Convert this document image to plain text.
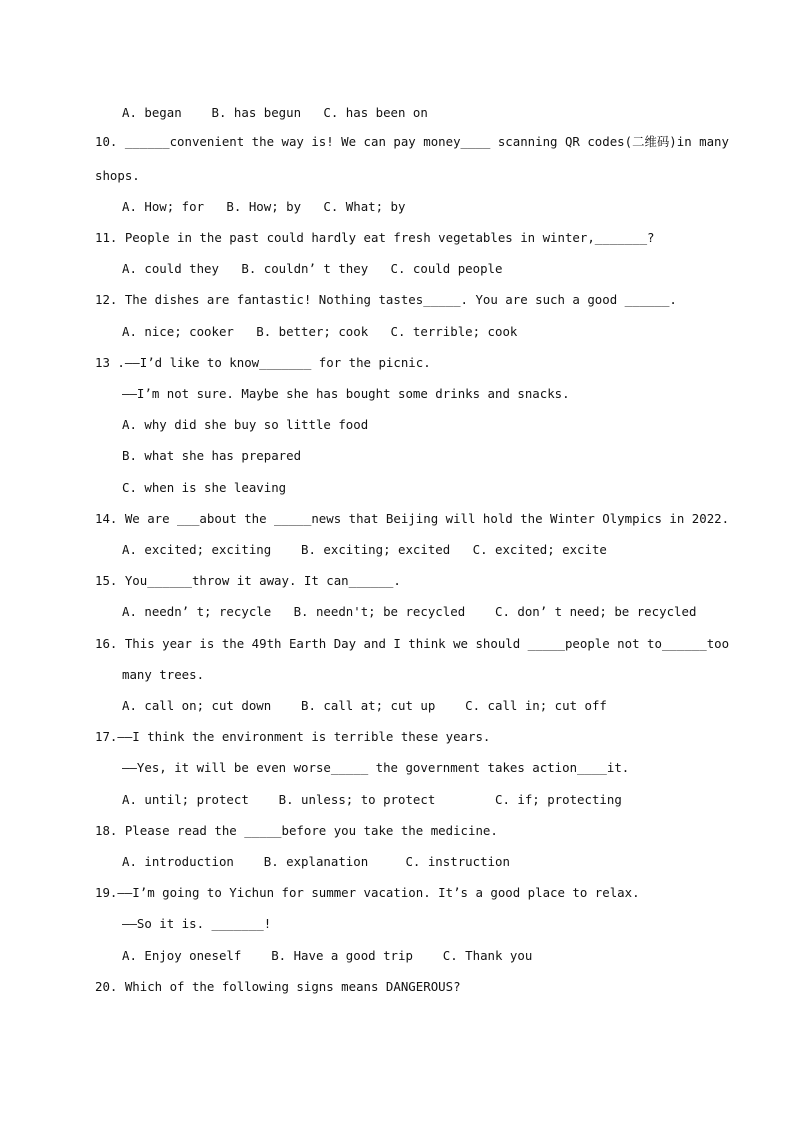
A. began    B. has begun   C. has been on
10. ______convenient the way is! We can pay money____ scanning QR codes(二维码)in many
shops.
A. How; for   B. How; by   C. What; by
11. People in the past could hardly eat fresh vegetables in winter,_______?
A. could they   B. couldn’ t they   C. could people
12. The dishes are fantastic! Nothing tastes_____. You are such a good ______.
A. nice; cooker   B. better; cook   C. terrible; cook
13 .——I’d like to know_______ for the picnic.
——I’m not sure. Maybe she has bought some drinks and snacks.
A. why did she buy so little food
B. what she has prepared
C. when is she leaving
14. We are ___about the _____news that Beijing will hold the Winter Olympics in 2022.
A. excited; exciting    B. exciting; excited   C. excited; excite
15. You______throw it away. It can______.
A. needn’ t; recycle   B. needn't; be recycled    C. don’ t need; be recycled
16. This year is the 49th Earth Day and I think we should _____people not to______too
many trees.
A. call on; cut down    B. call at; cut up    C. call in; cut off
17.——I think the environment is terrible these years.
——Yes, it will be even worse_____ the government takes action____it.
A. until; protect    B. unless; to protect        C. if; protecting
18. Please read the _____before you take the medicine.
A. introduction    B. explanation     C. instruction
19.——I’m going to Yichun for summer vacation. It’s a good place to relax.
——So it is. _______!
A. Enjoy oneself    B. Have a good trip    C. Thank you
20. Which of the following signs means DANGEROUS?
